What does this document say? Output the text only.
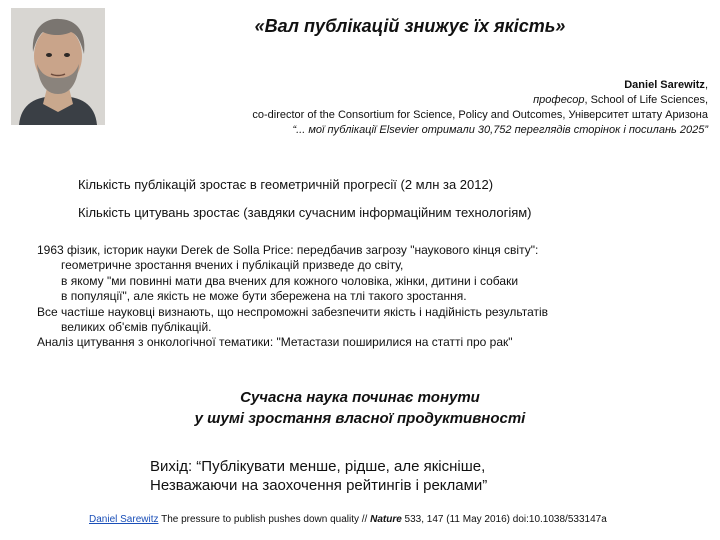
«Вал публікацій знижує їх якість»
Daniel Sarewitz,
професор, School of Life Sciences,
co-director of the Consortium for Science, Policy and Outcomes, Університет штату Аризона
“... мої публікації Elsevier отримали 30,752 переглядів сторінок і посилань 2025”
Кількість публікацій зростає в геометричній прогресії (2 млн за 2012)
Кількість цитувань зростає (завдяки сучасним інформаційним технологіям)
1963 фізик, історик науки Derek de Solla Price: передбачив загрозу "наукового кінця світу":
геометричне зростання вчених і публікацій призведе до світу,
в якому "ми повинні мати два вчених для кожного чоловіка, жінки, дитини і собаки
в популяції", але якість не може бути збережена на тлі такого зростання.
Все частіше науковці визнають, що неспроможні забезпечити якість і надійність результатів
великих об'ємів публікацій.
Аналіз цитування з онкологічної тематики: "Метастази поширилися на статті про рак"
Сучасна наука починає тонути
у шумі зростання власної продуктивності
Вихід: “Публікувати менше, рідше, але якісніше,
Незважаючи на заохочення рейтингів і реклами”
Daniel Sarewitz The pressure to publish pushes down quality // Nature 533, 147 (11 May 2016) doi:10.1038/533147a
